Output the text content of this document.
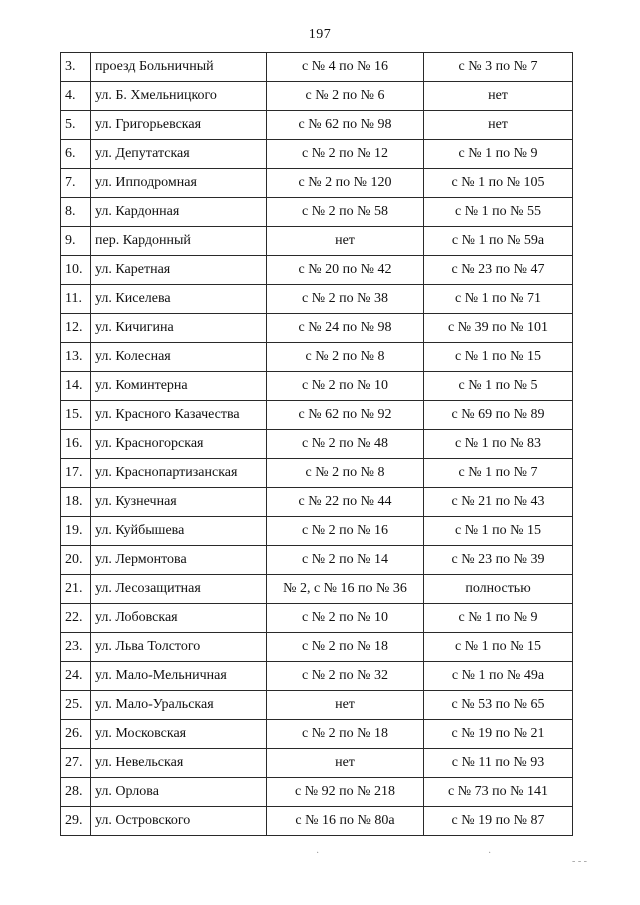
197
3.	проезд Больничный	с № 4 по № 16	с № 3 по № 7
4.	ул. Б. Хмельницкого	с № 2 по № 6	нет
5.	ул. Григорьевская	с № 62 по № 98	нет
6.	ул. Депутатская	с № 2 по № 12	с № 1 по № 9
7.	ул. Ипподромная	с № 2 по № 120	с № 1 по № 105
8.	ул. Кардонная	с № 2 по № 58	с № 1 по № 55
9.	пер. Кардонный	нет	с № 1 по № 59а
10.	ул. Каретная	с № 20 по № 42	с № 23 по № 47
11.	ул. Киселева	с № 2 по № 38	с № 1 по № 71
12.	ул. Кичигина	с № 24 по № 98	с № 39 по № 101
13.	ул. Колесная	с № 2 по № 8	с № 1 по № 15
14.	ул. Коминтерна	с № 2 по № 10	с № 1 по № 5
15.	ул. Красного Казачества	с № 62 по № 92	с № 69 по № 89
16.	ул. Красногорская	с № 2 по № 48	с № 1 по № 83
17.	ул. Краснопартизанская	с № 2 по № 8	с № 1 по № 7
18.	ул. Кузнечная	с № 22 по № 44	с № 21 по № 43
19.	ул. Куйбышева	с № 2 по № 16	с № 1 по № 15
20.	ул. Лермонтова	с № 2 по № 14	с № 23 по № 39
21.	ул. Лесозащитная	№ 2, с № 16 по № 36	полностью
22.	ул. Лобовская	с № 2 по № 10	с № 1 по № 9
23.	ул. Льва Толстого	с № 2 по № 18	с № 1 по № 15
24.	ул. Мало-Мельничная	с № 2 по № 32	с № 1 по № 49а
25.	ул. Мало-Уральская	нет	с № 53 по № 65
26.	ул. Московская	с № 2 по № 18	с № 19 по № 21
27.	ул. Невельская	нет	с № 11 по № 93
28.	ул. Орлова	с № 92 по № 218	с № 73 по № 141
29.	ул. Островского	с № 16 по № 80а	с № 19 по № 87
·	·
- - -
